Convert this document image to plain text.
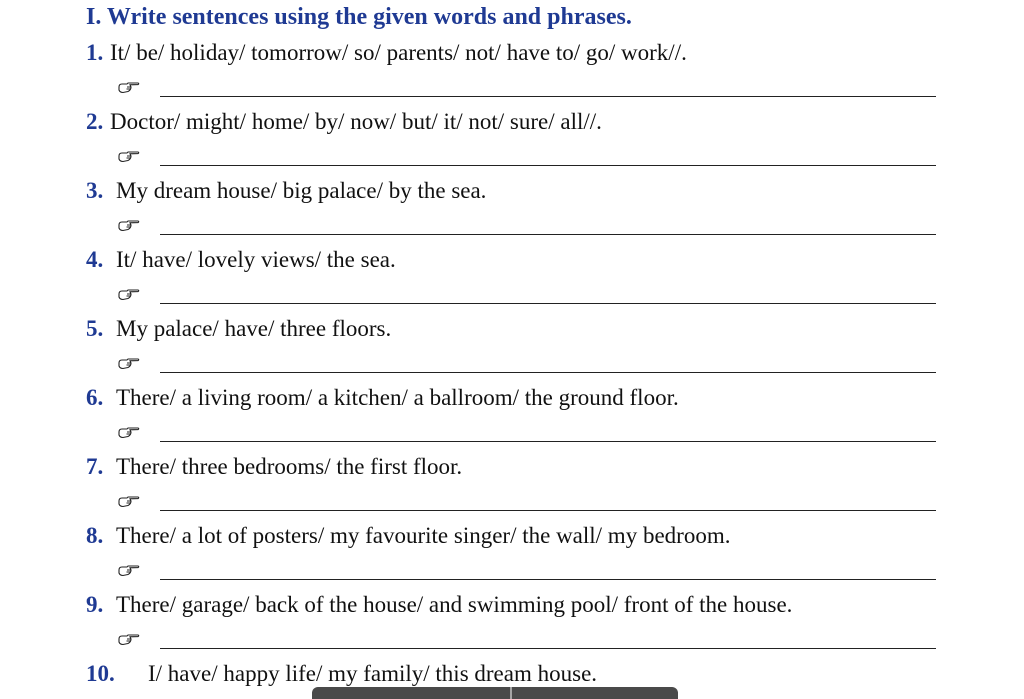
I. Write sentences using the given words and phrases.
1. It/ be/ holiday/ tomorrow/ so/ parents/ not/ have to/ go/ work//.
2. Doctor/ might/ home/ by/ now/ but/ it/ not/ sure/ all//.
3. My dream house/ big palace/ by the sea.
4. It/ have/ lovely views/ the sea.
5. My palace/ have/ three floors.
6. There/ a living room/ a kitchen/ a ballroom/ the ground floor.
7. There/ three bedrooms/ the first floor.
8. There/ a lot of posters/ my favourite singer/ the wall/ my bedroom.
9. There/ garage/ back of the house/ and swimming pool/ front of the house.
10. I/ have/ happy life/ my family/ this dream house.
